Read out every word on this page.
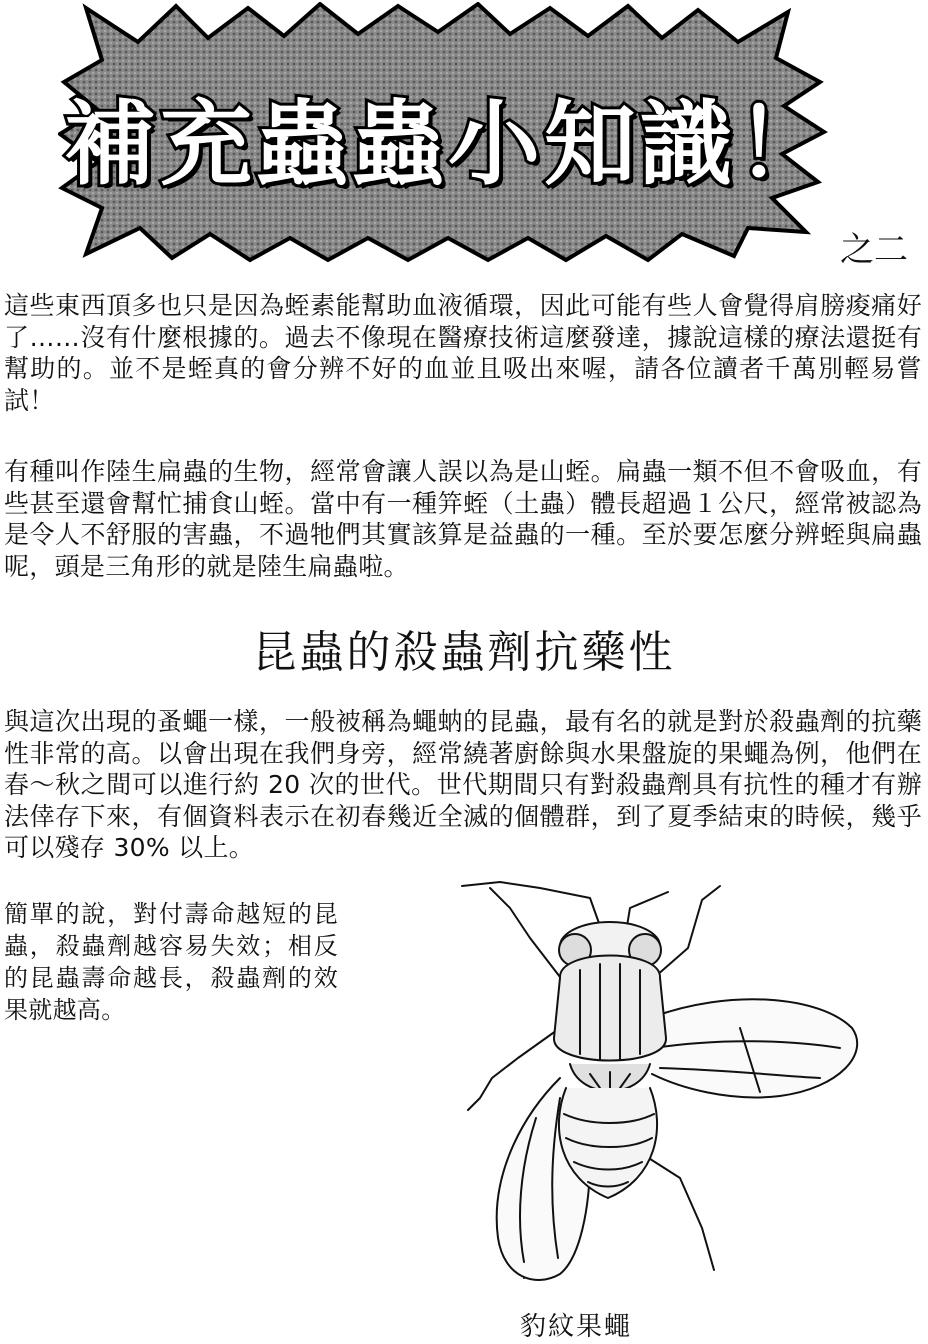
補充蟲蟲小知識！
之二

這些東西頂多也只是因為蛭素能幫助血液循環，因此可能有些人會覺得肩膀痠痛好了……沒有什麼根據的。過去不像現在醫療技術這麼發達，據說這樣的療法還挺有幫助的。並不是蛭真的會分辨不好的血並且吸出來喔，請各位讀者千萬別輕易嘗試！

有種叫作陸生扁蟲的生物，經常會讓人誤以為是山蛭。扁蟲一類不但不會吸血，有些甚至還會幫忙捕食山蛭。當中有一種笄蛭（土蟲）體長超過１公尺，經常被認為是令人不舒服的害蟲，不過牠們其實該算是益蟲的一種。至於要怎麼分辨蛭與扁蟲呢，頭是三角形的就是陸生扁蟲啦。

昆蟲的殺蟲劑抗藥性

與這次出現的蚤蠅一樣，一般被稱為蠅蚋的昆蟲，最有名的就是對於殺蟲劑的抗藥性非常的高。以會出現在我們身旁，經常繞著廚餘與水果盤旋的果蠅為例，他們在春～秋之間可以進行約 20 次的世代。世代期間只有對殺蟲劑具有抗性的種才有辦法倖存下來，有個資料表示在初春幾近全滅的個體群，到了夏季結束的時候，幾乎可以殘存 30% 以上。

簡單的說，對付壽命越短的昆蟲，殺蟲劑越容易失效；相反的昆蟲壽命越長，殺蟲劑的效果就越高。

豹紋果蠅
